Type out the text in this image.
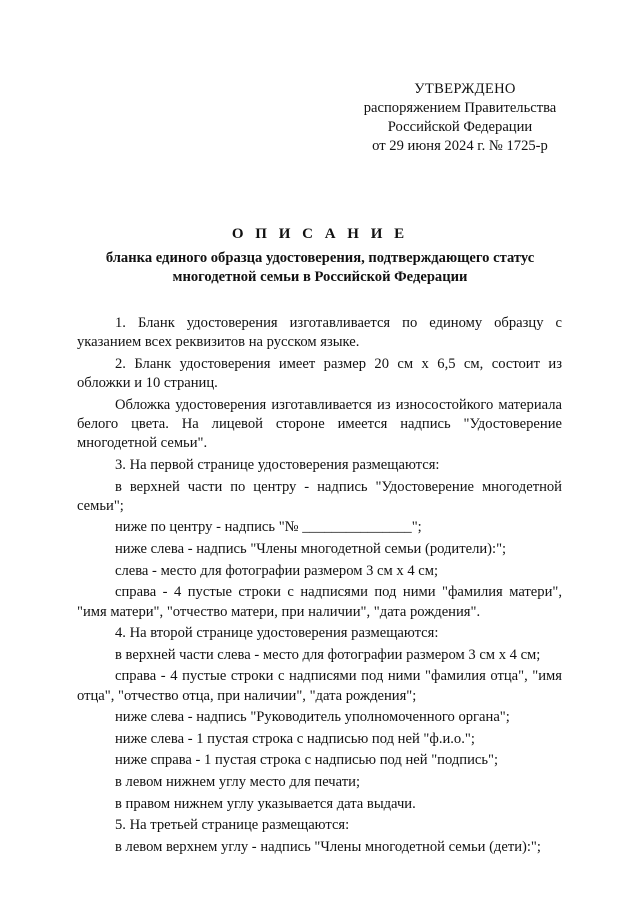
УТВЕРЖДЕНО
распоряжением Правительства
Российской Федерации
от 29 июня 2024 г. № 1725-р
О П И С А Н И Е
бланка единого образца удостоверения, подтверждающего статус
многодетной семьи в Российской Федерации

1. Бланк удостоверения изготавливается по единому образцу с указанием всех реквизитов на русском языке.

2. Бланк удостоверения имеет размер 20 см х 6,5 см, состоит из обложки и 10 страниц.

Обложка удостоверения изготавливается из износостойкого материала белого цвета. На лицевой стороне имеется надпись "Удостоверение многодетной семьи".

3. На первой странице удостоверения размещаются:

в верхней части по центру - надпись "Удостоверение многодетной семьи";

ниже по центру - надпись "№ _______________";

ниже слева - надпись "Члены многодетной семьи (родители):";

слева - место для фотографии размером 3 см х 4 см;

справа - 4 пустые строки с надписями под ними "фамилия матери", "имя матери", "отчество матери, при наличии", "дата рождения".

4. На второй странице удостоверения размещаются:

в верхней части слева - место для фотографии размером 3 см х 4 см;

справа - 4 пустые строки с надписями под ними "фамилия отца", "имя отца", "отчество отца, при наличии", "дата рождения";

ниже слева - надпись "Руководитель уполномоченного органа";

ниже слева - 1 пустая строка с надписью под ней "ф.и.о.";

ниже справа - 1 пустая строка с надписью под ней "подпись";

в левом нижнем углу место для печати;

в правом нижнем углу указывается дата выдачи.

5. На третьей странице размещаются:

в левом верхнем углу - надпись "Члены многодетной семьи (дети):";
